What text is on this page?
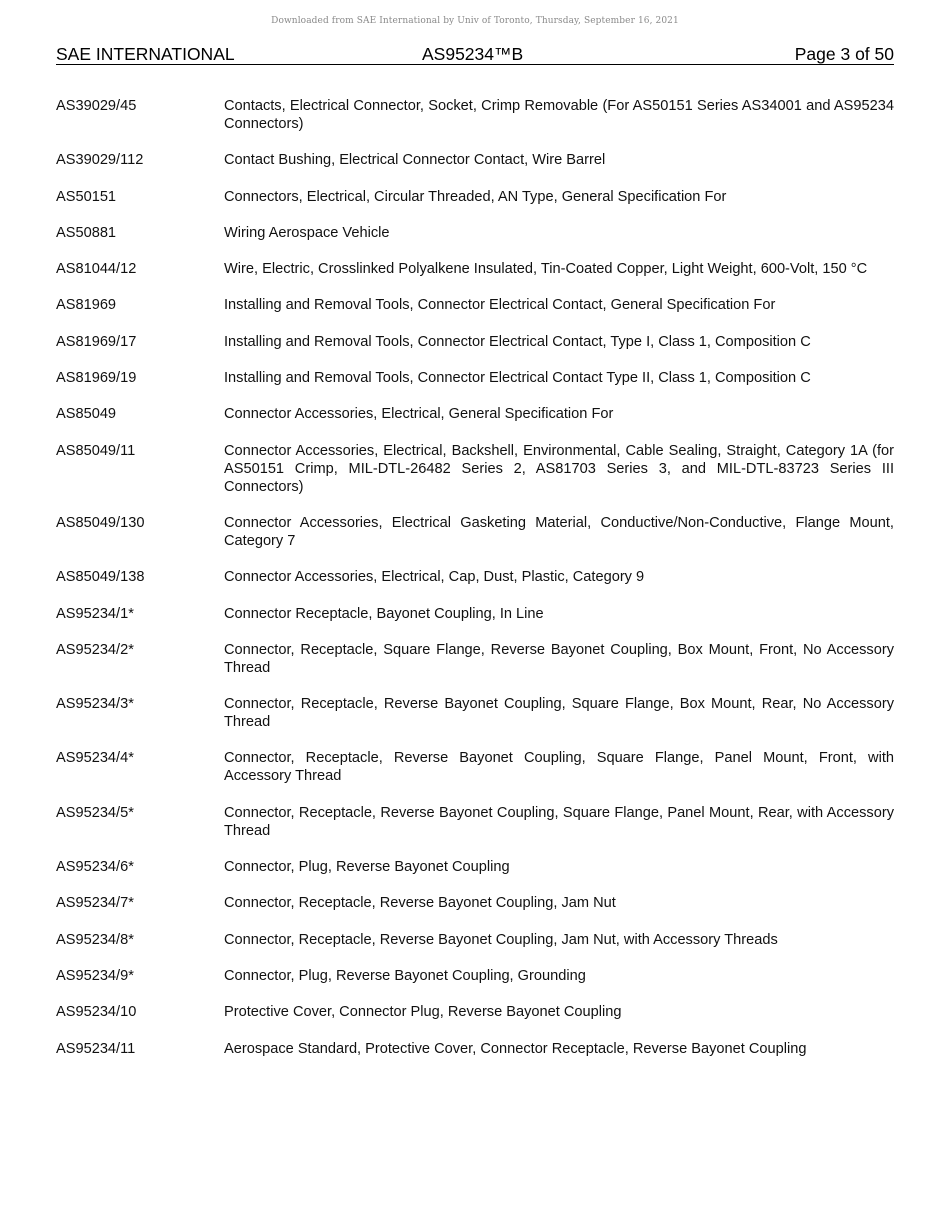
Downloaded from SAE International by Univ of Toronto, Thursday, September 16, 2021
SAE INTERNATIONAL	AS95234™B	Page 3 of 50
AS39029/45	Contacts, Electrical Connector, Socket, Crimp Removable (For AS50151 Series AS34001 and AS95234 Connectors)
AS39029/112	Contact Bushing, Electrical Connector Contact, Wire Barrel
AS50151	Connectors, Electrical, Circular Threaded, AN Type, General Specification For
AS50881	Wiring Aerospace Vehicle
AS81044/12	Wire, Electric, Crosslinked Polyalkene Insulated, Tin-Coated Copper, Light Weight, 600-Volt, 150 °C
AS81969	Installing and Removal Tools, Connector Electrical Contact, General Specification For
AS81969/17	Installing and Removal Tools, Connector Electrical Contact, Type I, Class 1, Composition C
AS81969/19	Installing and Removal Tools, Connector Electrical Contact Type II, Class 1, Composition C
AS85049	Connector Accessories, Electrical, General Specification For
AS85049/11	Connector Accessories, Electrical, Backshell, Environmental, Cable Sealing, Straight, Category 1A (for AS50151 Crimp, MIL-DTL-26482 Series 2, AS81703 Series 3, and MIL-DTL-83723 Series III Connectors)
AS85049/130	Connector Accessories, Electrical Gasketing Material, Conductive/Non-Conductive, Flange Mount, Category 7
AS85049/138	Connector Accessories, Electrical, Cap, Dust, Plastic, Category 9
AS95234/1*	Connector Receptacle, Bayonet Coupling, In Line
AS95234/2*	Connector, Receptacle, Square Flange, Reverse Bayonet Coupling, Box Mount, Front, No Accessory Thread
AS95234/3*	Connector, Receptacle, Reverse Bayonet Coupling, Square Flange, Box Mount, Rear, No Accessory Thread
AS95234/4*	Connector, Receptacle, Reverse Bayonet Coupling, Square Flange, Panel Mount, Front, with Accessory Thread
AS95234/5*	Connector, Receptacle, Reverse Bayonet Coupling, Square Flange, Panel Mount, Rear, with Accessory Thread
AS95234/6*	Connector, Plug, Reverse Bayonet Coupling
AS95234/7*	Connector, Receptacle, Reverse Bayonet Coupling, Jam Nut
AS95234/8*	Connector, Receptacle, Reverse Bayonet Coupling, Jam Nut, with Accessory Threads
AS95234/9*	Connector, Plug, Reverse Bayonet Coupling, Grounding
AS95234/10	Protective Cover, Connector Plug, Reverse Bayonet Coupling
AS95234/11	Aerospace Standard, Protective Cover, Connector Receptacle, Reverse Bayonet Coupling
